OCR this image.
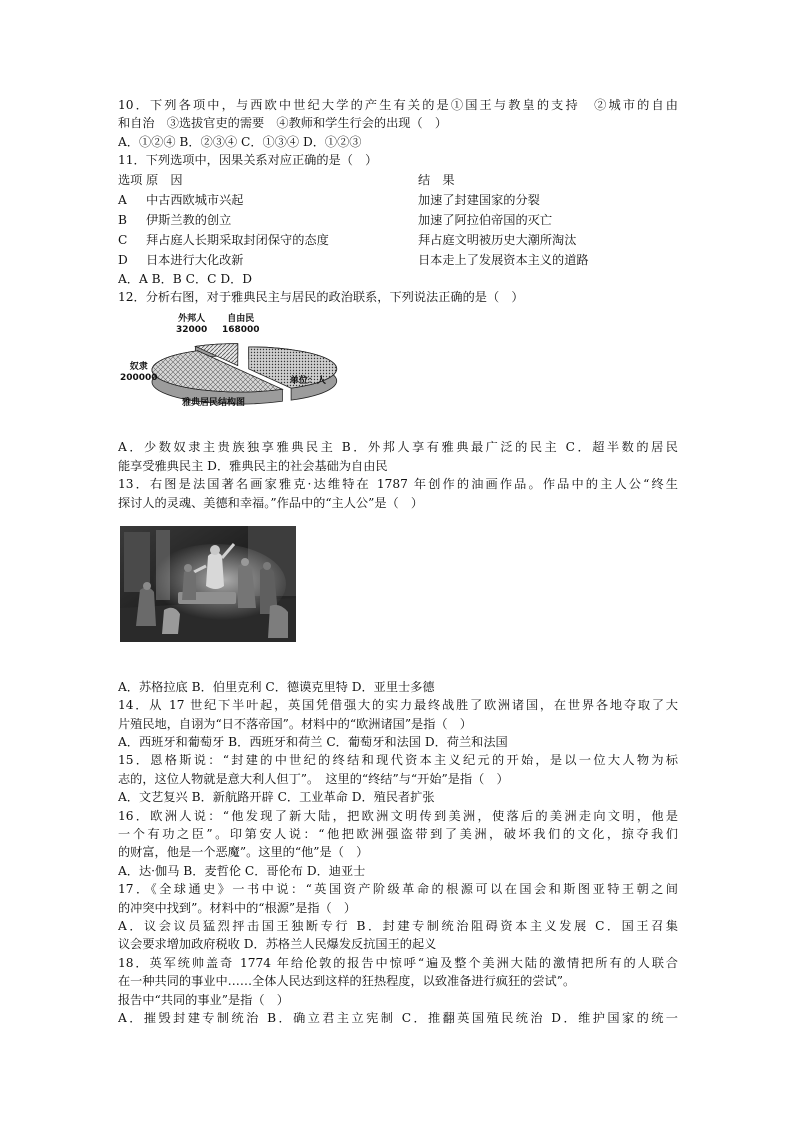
10．下列各项中，与西欧中世纪大学的产生有关的是①国王与教皇的支持　②城市的自由
和自治　③选拔官吏的需要　④教师和学生行会的出现（　）
A．①②④ B．②③④ C．①③④ D．①②③
11．下列选项中，因果关系对应正确的是（　）
选项	原　因	结　果
A	中古西欧城市兴起	加速了封建国家的分裂
B	伊斯兰教的创立	加速了阿拉伯帝国的灭亡
C	拜占庭人长期采取封闭保守的态度	拜占庭文明被历史大潮所淘汰
D	日本进行大化改新	日本走上了发展资本主义的道路
A．A B．B C．C D．D
12．分析右图，对于雅典民主与居民的政治联系，下列说法正确的是（　）
外邦人
32000
自由民
168000
奴隶
200000	单位：人
雅典居民结构图
A．少数奴隶主贵族独享雅典民主 B．外邦人享有雅典最广泛的民主 C．超半数的居民
能享受雅典民主 D．雅典民主的社会基础为自由民
13．右图是法国著名画家雅克·达维特在 1787 年创作的油画作品。作品中的主人公“终生
探讨人的灵魂、美德和幸福。”作品中的“主人公”是（　）
A．苏格拉底 B．伯里克利 C．德谟克里特 D．亚里士多德
14．从 17 世纪下半叶起，英国凭借强大的实力最终战胜了欧洲诸国，在世界各地夺取了大
片殖民地，自诩为“日不落帝国”。材料中的“欧洲诸国”是指（　）
A．西班牙和葡萄牙 B．西班牙和荷兰 C．葡萄牙和法国 D．荷兰和法国
15．恩格斯说：“封建的中世纪的终结和现代资本主义纪元的开始，是以一位大人物为标
志的，这位人物就是意大利人但丁”。　这里的“终结”与“开始”是指（　）
A．文艺复兴 B．新航路开辟 C．工业革命 D．殖民者扩张
16．欧洲人说：“他发现了新大陆，把欧洲文明传到美洲，使落后的美洲走向文明，他是
一个有功之臣”。印第安人说：“他把欧洲强盗带到了美洲，破坏我们的文化，掠夺我们
的财富，他是一个恶魔”。这里的“他”是（　）
A．达·伽马 B．麦哲伦 C．哥伦布 D．迪亚士
17．《全球通史》一书中说：“英国资产阶级革命的根源可以在国会和斯图亚特王朝之间
的冲突中找到”。材料中的“根源”是指（　）
A．议会议员猛烈抨击国王独断专行 B．封建专制统治阻碍资本主义发展 C．国王召集
议会要求增加政府税收 D．苏格兰人民爆发反抗国王的起义
18．英军统帅盖奇 1774 年给伦敦的报告中惊呼“遍及整个美洲大陆的激情把所有的人联合
在一种共同的事业中……全体人民达到这样的狂热程度，以致准备进行疯狂的尝试”。
报告中“共同的事业”是指（　）
A．摧毁封建专制统治 B．确立君主立宪制 C．推翻英国殖民统治 D．维护国家的统一
